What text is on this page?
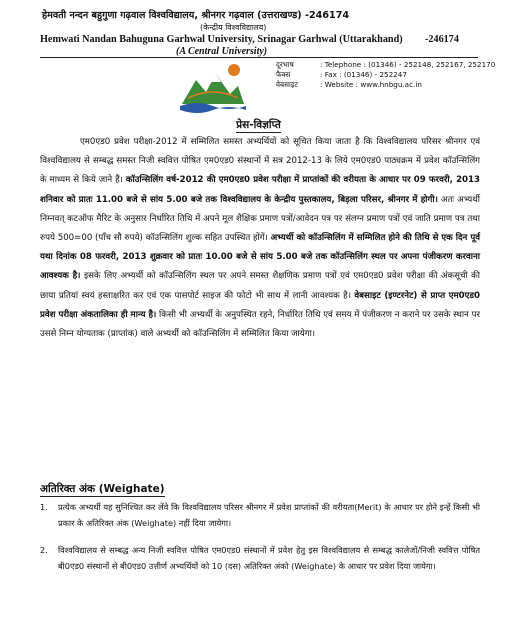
हेमवती नन्दन बहुगुणा गढ़वाल विश्वविद्यालय, श्रीनगर गढ़वाल (उत्तराखण्ड) -246174
(केन्द्रीय विश्वविद्यालय)
Hemwati Nandan Bahuguna Garhwal University, Srinagar Garhwal (Uttarakhand) -246174
(A Central University)
दूरभाष	: Telephone : (01346) - 252148, 252167, 252170
फैक्स	: Fax : (01346) - 252247
वेबसाइट	: Website : www.hnbgu.ac.in
प्रेस-विज्ञप्ति
एम0एड0 प्रवेश परीक्षा-2012 में सम्मिलित समस्त अभ्यर्थियों को सूचित किया जाता है कि विश्वविद्यालय परिसर श्रीनगर एवं विश्वविद्यालय से सम्बद्ध समस्त निजी स्ववित्त पोषित एम0एड0 संस्थानों में सत्र 2012-13 के लिये एम0एड0 पाठ्यक्रम में प्रवेश कॉउन्सिलिंग के माध्यम से किये जाने हैं। कॉउन्सिलिंग वर्ष-2012 की एम0एड0 प्रवेश परीक्षा में प्राप्तांकों की वरीयता के आधार पर 09 फरवरी, 2013 शनिवार को प्रातः 11.00 बजे से सांय 5.00 बजे तक विश्वविद्यालय के केन्द्रीय पुस्तकालय, बिड़ला परिसर, श्रीनगर में होगी। अतः अभ्यर्थी निम्नवत् कटऑफ मैरिट के अनुसार निर्धारित तिथि में अपने मूल शैक्षिक प्रमाण पत्रों/आवेदन पत्र पर संलग्न प्रमाण पत्रों एवं जाति प्रमाण पत्र तथा रुपये 500=00 (पाँच सौ रुपये) कॉउन्सिलिंग शुल्क सहित उपस्थित होंगें। अभ्यर्थी को कॉउन्सिलिंग में सम्मिलित होने की तिथि से एक दिन पूर्व यथा दिनांक 08 फरवरी, 2013 शुक्रवार को प्रातः 10.00 बजे से सांय 5.00 बजे तक कॉउन्सिलिंग स्थल पर अपना पंजीकरण करवाना आवश्यक है। इसके लिए अभ्यर्थी को कॉउन्सिलिंग स्थल पर अपने समस्त शैक्षणिक प्रमाण पत्रों एवं एम0एड0 प्रवेश परीक्षा की अंकसूची की छाया प्रतियां स्वयं हस्ताक्षरित कर एवं एक पासपोर्ट साइज की फोटो भी साथ में लानी आवश्यक है। वेबसाइट (इण्टरनेट) से प्राप्त एम0एड0 प्रवेश परीक्षा अंकतालिका ही मान्य है। किसी भी अभ्यर्थी के अनुपस्थित रहने, निर्धारित तिथि एवं समय में पंजीकरण न कराने पर उसके स्थान पर उससे निम्न योग्यताक (प्राप्तांक) वाले अभ्यर्थी को कॉउन्सिलिंग में सम्मिलित किया जायेगा।
अतिरिक्त अंक (Weighate)
1.	प्रत्येक अभ्यर्थी यह सुनिश्चित कर लेंवे कि विश्वविद्यालय परिसर श्रीनगर में प्रवेश प्राप्तांकों की वरीयता(Merit) के आधार पर होने इन्हें किसी भी प्रकार के अतिरिक्त अंक (Weighate) नहीं दिया जायेगा।
2.	विश्वविद्यालय से सम्बद्ध अन्य निजी स्ववित्त पोषित एम0एड0 संस्थानों में प्रवेश हेतु इस विश्वविद्यालय से सम्बद्ध कालेजों/निजी स्ववित्त पोषित बी0एड0 संस्थानों से बी0एड0 उत्तीर्ण अभ्यर्थियों को 10 (दस) अतिरिक्त अंको (Weighate) के आधार पर प्रवेश दिया जायेगा।
